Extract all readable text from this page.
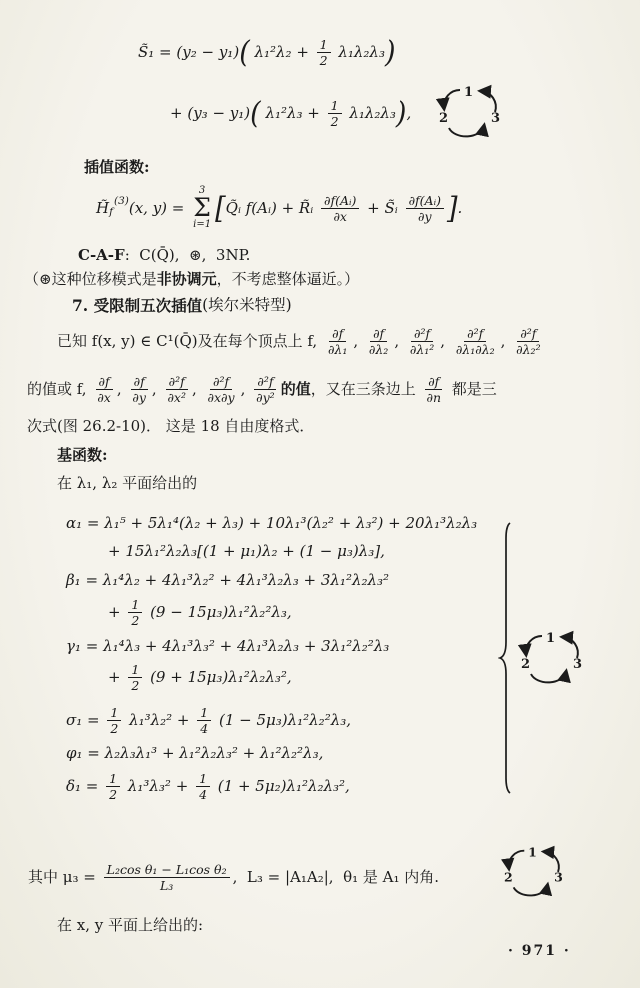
S̃₁ = (y₂ − y₁) ( $\lambda_1^2\lambda_2 + \frac{1}{2} \lambda_1\lambda_2\lambda_3$ )
+ (y₃ − y₁) ( $\lambda_1^2\lambda_3 + \frac{1}{2} \lambda_1\lambda_2\lambda_3$ ) ,
1
2	3
插值函数:
H̃ f
(3) (x, y) =
3
Σ
i=1 [ Q̃ᵢ f(Aᵢ) + R̃ᵢ $\frac{\text{∂f(Aᵢ)}}{\partial x}$ + S̃ᵢ $\frac{\text{∂f(Aᵢ)}}{\partial y}$ ] .
C-A-F :  C(Q̄),  ⊛,  3NP.
（⊛这种位移模式是 非协调元 ，不考虑整体逼近。）
7. 受限制五次插值 (埃尔米特型)
已知 f(x, y) ∈ C¹(Q̄)及在每个顶点上 f, $\frac{\partial f}{\text{∂λ₁}}$ , $\frac{\partial f}{\text{∂λ₂}}$ , $\frac{\text{∂²f}}{\text{∂λ₁²}}$ , $\frac{\text{∂²f}}{\text{∂λ₁∂λ₂}}$ , $\frac{\text{∂²f}}{\text{∂λ₂²}}$
的值或 f, $\frac{\partial f}{\partial x}$ , $\frac{\partial f}{\partial y}$ , $\frac{\text{∂²f}}{\text{∂x²}}$ , $\frac{\text{∂²f}}{\partial x\partial y}$ , $\frac{\text{∂²f}}{\text{∂y²}}$ 的值 ，又在三条边上 $\frac{\partial f}{\partial n}$ 都是三
次式(图 26.2-10)． 这是 18 自由度格式．
基函数:
在 λ₁, λ₂ 平面给出的
α₁ = λ₁⁵ + 5λ₁⁴(λ₂ + λ₃) + 10λ₁³(λ₂² + λ₃²) + 20λ₁³λ₂λ₃
+ 15λ₁²λ₂λ₃[(1 + μ₁)λ₂ + (1 − μ₃)λ₃],
β₁ = λ₁⁴λ₂ + 4λ₁³λ₂² + 4λ₁³λ₂λ₃ + 3λ₁²λ₂λ₃²
+ $\frac{1}{2} (9 - 15\mu_3)\lambda_1^2\lambda_2^2\lambda_3$,
γ₁ = λ₁⁴λ₃ + 4λ₁³λ₃² + 4λ₁³λ₂λ₃ + 3λ₁²λ₂²λ₃
+ $\frac{1}{2} (9 + 15\mu_3)\lambda_1^2\lambda_2\lambda_3^2$,
$\sigma_1 = \frac{1}{2} \lambda_1^3\lambda_2^2 + \frac{1}{4} (1 - 5\mu_3)\lambda_1^2\lambda_2^2\lambda_3$,
φ₁ = λ₂λ₃λ₁³ + λ₁²λ₂λ₃² + λ₁²λ₂²λ₃,
$\delta_1 = \frac{1}{2} \lambda_1^3\lambda_3^2 + \frac{1}{4} (1 + 5\mu_2)\lambda_1^2\lambda_2\lambda_3^2$,
1
2	3
其中 $\mu_3 = \frac{\text{L₂cos θ₁ − L₁cos θ₂}}{\text{L₃}}$ ,  L₃ = |A₁A₂|,  θ₁ 是 A₁ 内角.
1
2	3
在 x, y 平面上给出的:
· 971 ·
